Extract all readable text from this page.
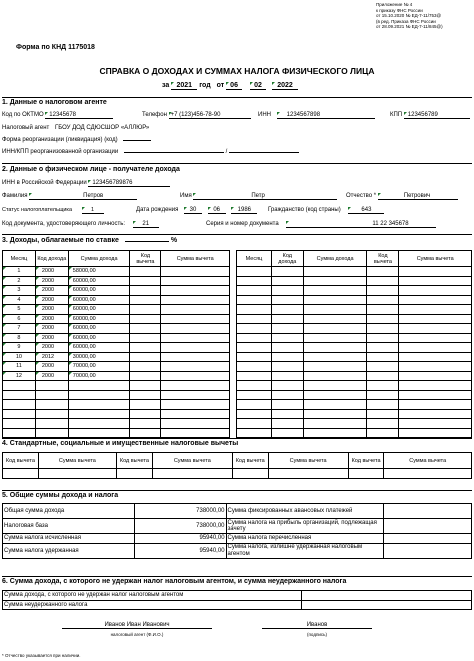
Приложение № 4
к приказу ФНС России
от 15.10.2020 № ЕД-7-11/753@
(в ред. Приказа ФНС России
от 28.09.2021 № ЕД-7-11/845@)
Форма по КНД 1175018
СПРАВКА О ДОХОДАХ И СУММАХ НАЛОГА ФИЗИЧЕСКОГО ЛИЦА
за 2021 год от 06 02 2022
1. Данные о налоговом агенте
Код по ОКТМО 12345678	Телефон +7 (123)456-78-90	ИНН	1234567898	КПП 123456789
Налоговый агент ГБОУ ДОД СДЮСШОР «АЛЛЮР»
Форма реорганизации (ликвидация) (код)
ИНН/КПП реорганизованной организации	/
2. Данные о физическом лице - получателе дохода
ИНН в Российской Федерации 123456789876
Фамилия	Петров	Имя	Петр	Отчество *	Петрович
Статус налогоплательщика	1	Дата рождения 30	06	1986	Гражданство (код страны)	643
Код документа, удостоверяющего личность:	21	Серия и номер документа	11 22 345678
3. Доходы, облагаемые по ставке	%
Месяц	Код дохода	Сумма дохода	Код вычета	Сумма вычета
1	2000	58000,00		
2	2000	60000,00		
3	2000	60000,00		
4	2000	60000,00		
5	2000	60000,00		
6	2000	60000,00		
7	2000	60000,00		
8	2000	60000,00		
9	2000	60000,00		
10	2012	30000,00		
11	2000	70000,00		
12	2000	70000,00		

Месяц	Код дохода	Сумма дохода	Код вычета	Сумма вычета

4. Стандартные, социальные и имущественные налоговые вычеты
Код вычета	Сумма вычета	Код вычета	Сумма вычета	Код вычета	Сумма вычета	Код вычета	Сумма вычета

5. Общие суммы дохода и налога
Общая сумма дохода	738000,00	Сумма фиксированных авансовых платежей	
Налоговая база	738000,00	Сумма налога на прибыль организаций, подлежащая зачету	
Сумма налога исчисленная	95940,00	Сумма налога перечисленная	
Сумма налога удержанная	95940,00	Сумма налога, излишне удержанная налоговым агентом	
6. Сумма дохода, с которого не удержан налог налоговым агентом, и сумма неудержанного налога
Сумма дохода, с которого не удержан налог налоговым агентом	
Сумма неудержанного налога	
Иванов Иван Иванович
налоговый агент (Ф.И.О.)
Иванов
(подпись)
* Отчество указывается при наличии.
